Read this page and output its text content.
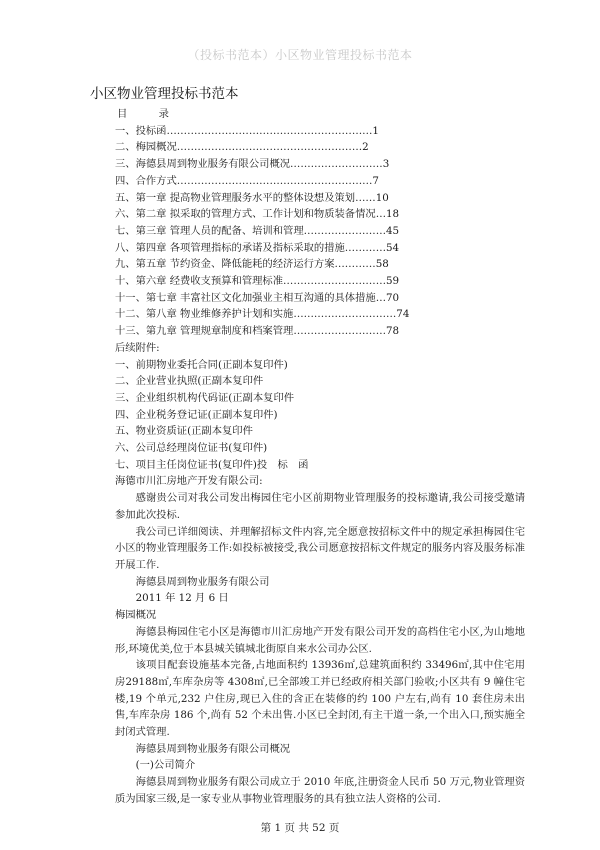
（投标书范本）小区物业管理投标书范本
小区物业管理投标书范本
目 录
一、投标函……………………………………………………1
二、梅园概况………………………………………………2
三、海德县周到物业服务有限公司概况………………………3
四、合作方式…………………………………………………7
五、第一章 提高物业管理服务水平的整体设想及策划……10
六、第二章 拟采取的管理方式、工作计划和物质装备情况…18
七、第三章 管理人员的配备、培训和管理……………………45
八、第四章 各项管理指标的承诺及指标采取的措施…………54
九、第五章 节约资金、降低能耗的经济运行方案…………58
十、第六章 经费收支预算和管理标准…………………………59
十一、第七章 丰富社区文化加强业主相互沟通的具体措施…70
十二、第八章 物业维修养护计划和实施…………………………74
十三、第九章 管理规章制度和档案管理………………………78
后续附件:
一、前期物业委托合同(正副本复印件)
二、企业营业执照(正副本复印件
三、企业组织机构代码证(正副本复印件
四、企业税务登记证(正副本复印件)
五、物业资质证(正副本复印件
六、公司总经理岗位证书(复印件)
七、项目主任岗位证书(复印件)投　标　函
海德市川汇房地产开发有限公司:
感谢贵公司对我公司发出梅园住宅小区前期物业管理服务的投标邀请,我公司接受邀请参加此次投标.
我公司已详细阅读、并理解招标文件内容,完全愿意按招标文件中的规定承担梅园住宅小区的物业管理服务工作:如投标被接受,我公司愿意按招标文件规定的服务内容及服务标准开展工作.
海德县周到物业服务有限公司
2011 年 12 月 6 日
梅园概况
海德县梅园住宅小区是海德市川汇房地产开发有限公司开发的高档住宅小区,为山地地形,环境优美,位于本县城关镇城北街原自来水公司办公区.
该项目配套设施基本完备,占地面积约 13936㎡,总建筑面积约 33496㎡,其中住宅用房29188㎡,车库杂房等 4308㎡,已全部竣工并已经政府相关部门验收;小区共有 9 幢住宅楼,19 个单元,232 户住房,现已入住的含正在装修的约 100 户左右,尚有 10 套住房未出售,车库杂房 186 个,尚有 52 个未出售.小区已全封闭,有主干道一条,一个出入口,预实施全封闭式管理.
海德县周到物业服务有限公司概况
(一)公司简介
海德县周到物业服务有限公司成立于 2010 年底,注册资金人民币 50 万元,物业管理资质为国家三级,是一家专业从事物业管理服务的具有独立法人资格的公司.
第 1 页 共 52 页
